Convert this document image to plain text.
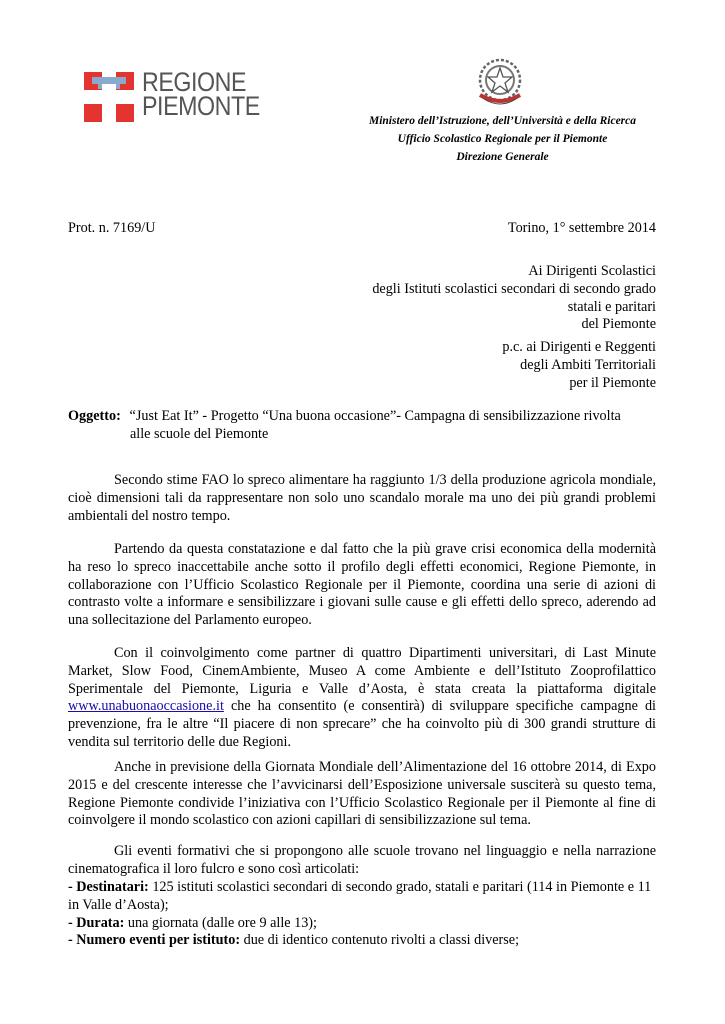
REGIONE
PIEMONTE	Ministero dell’Istruzione, dell’Università e della Ricerca
Ufficio Scolastico Regionale per il Piemonte
Direzione Generale
Prot. n. 7169/U	Torino, 1° settembre 2014
Ai Dirigenti Scolastici
degli Istituti scolastici secondari di secondo grado
statali e paritari
del Piemonte
p.c. ai Dirigenti e Reggenti
degli Ambiti Territoriali
per il Piemonte
Oggetto: “Just Eat It” - Progetto “Una buona occasione”- Campagna di sensibilizzazione rivolta
alle scuole del Piemonte
Secondo stime FAO lo spreco alimentare ha raggiunto 1/3 della produzione agricola mondiale, cioè dimensioni tali da rappresentare non solo uno scandalo morale ma uno dei più grandi problemi ambientali del nostro tempo.
Partendo da questa constatazione e dal fatto che la più grave crisi economica della modernità ha reso lo spreco inaccettabile anche sotto il profilo degli effetti economici, Regione Piemonte, in collaborazione con l’Ufficio Scolastico Regionale per il Piemonte, coordina una serie di azioni di contrasto volte a informare e sensibilizzare i giovani sulle cause e gli effetti dello spreco, aderendo ad una sollecitazione del Parlamento europeo.
Con il coinvolgimento come partner di quattro Dipartimenti universitari, di Last Minute Market, Slow Food, CinemAmbiente, Museo A come Ambiente e dell’Istituto Zooprofilattico Sperimentale del Piemonte, Liguria e Valle d’Aosta, è stata creata la piattaforma digitale www.unabuonaoccasione.it che ha consentito (e consentirà) di sviluppare specifiche campagne di prevenzione, fra le altre “Il piacere di non sprecare” che ha coinvolto più di 300 grandi strutture di vendita sul territorio delle due Regioni.
Anche in previsione della Giornata Mondiale dell’Alimentazione del 16 ottobre 2014, di Expo 2015 e del crescente interesse che l’avvicinarsi dell’Esposizione universale susciterà su questo tema, Regione Piemonte condivide l’iniziativa con l’Ufficio Scolastico Regionale per il Piemonte al fine di coinvolgere il mondo scolastico con azioni capillari di sensibilizzazione sul tema.
Gli eventi formativi che si propongono alle scuole trovano nel linguaggio e nella narrazione cinematografica il loro fulcro e sono così articolati:
- Destinatari: 125 istituti scolastici secondari di secondo grado, statali e paritari (114 in Piemonte e 11 in Valle d’Aosta);
- Durata: una giornata (dalle ore 9 alle 13);
- Numero eventi per istituto: due di identico contenuto rivolti a classi diverse;
